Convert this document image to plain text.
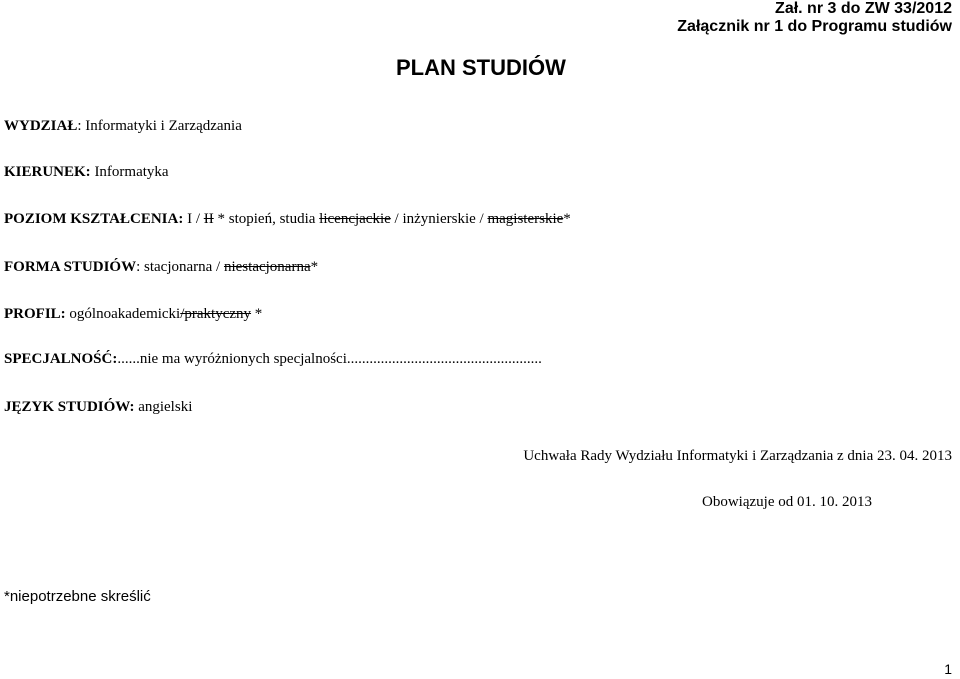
Zał. nr 3 do ZW 33/2012
Załącznik nr 1 do Programu studiów
PLAN STUDIÓW
WYDZIAŁ: Informatyki i Zarządzania
KIERUNEK: Informatyka
POZIOM KSZTAŁCENIA: I / II * stopień, studia licencjackie / inżynierskie / magisterskie*
FORMA STUDIÓW: stacjonarna / niestacjonarna*
PROFIL: ogólnoakademicki/praktyczny *
SPECJALNOŚĆ:......nie ma wyróżnionych specjalności....................................................
JĘZYK STUDIÓW: angielski
Uchwała Rady Wydziału Informatyki i Zarządzania z dnia 23. 04. 2013
Obowiązuje od 01. 10. 2013
*niepotrzebne skreślić
1
